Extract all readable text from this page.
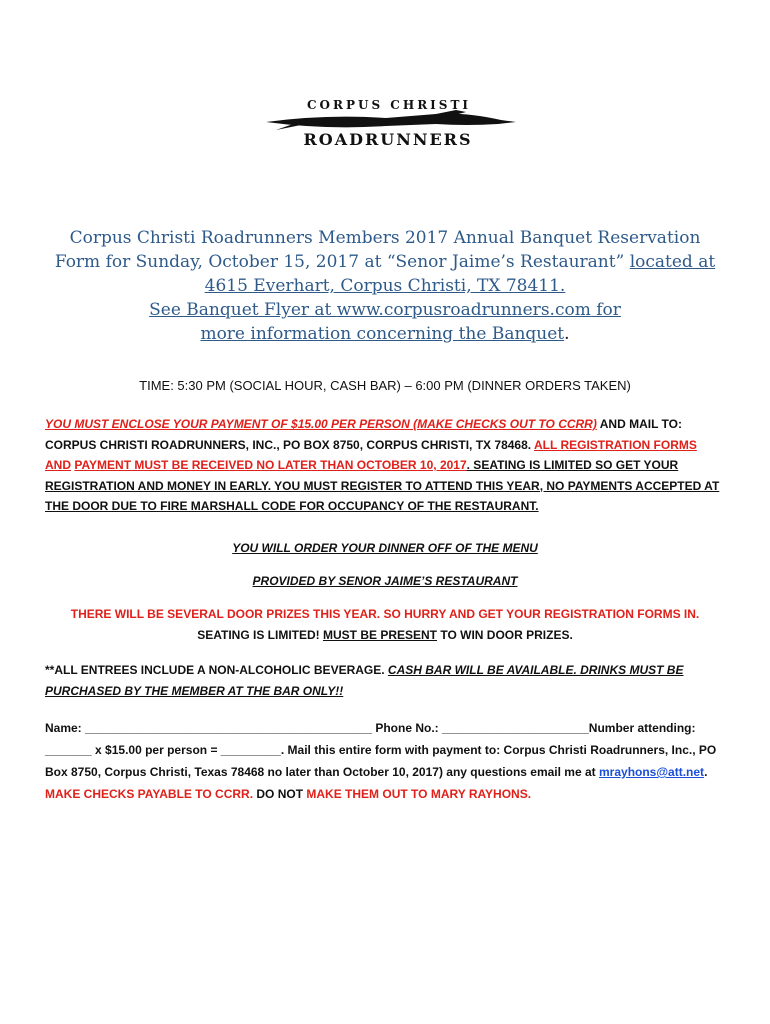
CORPUS CHRISTI
ROADRUNNERS
Corpus Christi Roadrunners Members 2017 Annual Banquet Reservation
Form for Sunday, October 15, 2017 at “Senor Jaime’s Restaurant” located at
4615 Everhart, Corpus Christi, TX 78411.
See Banquet Flyer at www.corpusroadrunners.com for
more information concerning the Banquet.
TIME: 5:30 PM (SOCIAL HOUR, CASH BAR) – 6:00 PM (DINNER ORDERS TAKEN)
YOU MUST ENCLOSE YOUR PAYMENT OF $15.00 PER PERSON (MAKE CHECKS OUT TO CCRR) AND MAIL TO: CORPUS CHRISTI ROADRUNNERS, INC., PO BOX 8750, CORPUS CHRISTI, TX 78468. ALL REGISTRATION FORMS AND PAYMENT MUST BE RECEIVED NO LATER THAN OCTOBER 10, 2017. SEATING IS LIMITED SO GET YOUR REGISTRATION AND MONEY IN EARLY. YOU MUST REGISTER TO ATTEND THIS YEAR, NO PAYMENTS ACCEPTED AT THE DOOR DUE TO FIRE MARSHALL CODE FOR OCCUPANCY OF THE RESTAURANT.
YOU WILL ORDER YOUR DINNER OFF OF THE MENU
PROVIDED BY SENOR JAIME’S RESTAURANT
THERE WILL BE SEVERAL DOOR PRIZES THIS YEAR. SO HURRY AND GET YOUR REGISTRATION FORMS IN.
SEATING IS LIMITED! MUST BE PRESENT TO WIN DOOR PRIZES.
**ALL ENTREES INCLUDE A NON-ALCOHOLIC BEVERAGE. CASH BAR WILL BE AVAILABLE. DRINKS MUST BE PURCHASED BY THE MEMBER AT THE BAR ONLY!!
Name: ___________________________________________ Phone No.: ______________________Number attending: _______ x $15.00 per person = _________. Mail this entire form with payment to: Corpus Christi Roadrunners, Inc., PO Box 8750, Corpus Christi, Texas 78468 no later than October 10, 2017) any questions email me at mrayhons@att.net. MAKE CHECKS PAYABLE TO CCRR. DO NOT MAKE THEM OUT TO MARY RAYHONS.
